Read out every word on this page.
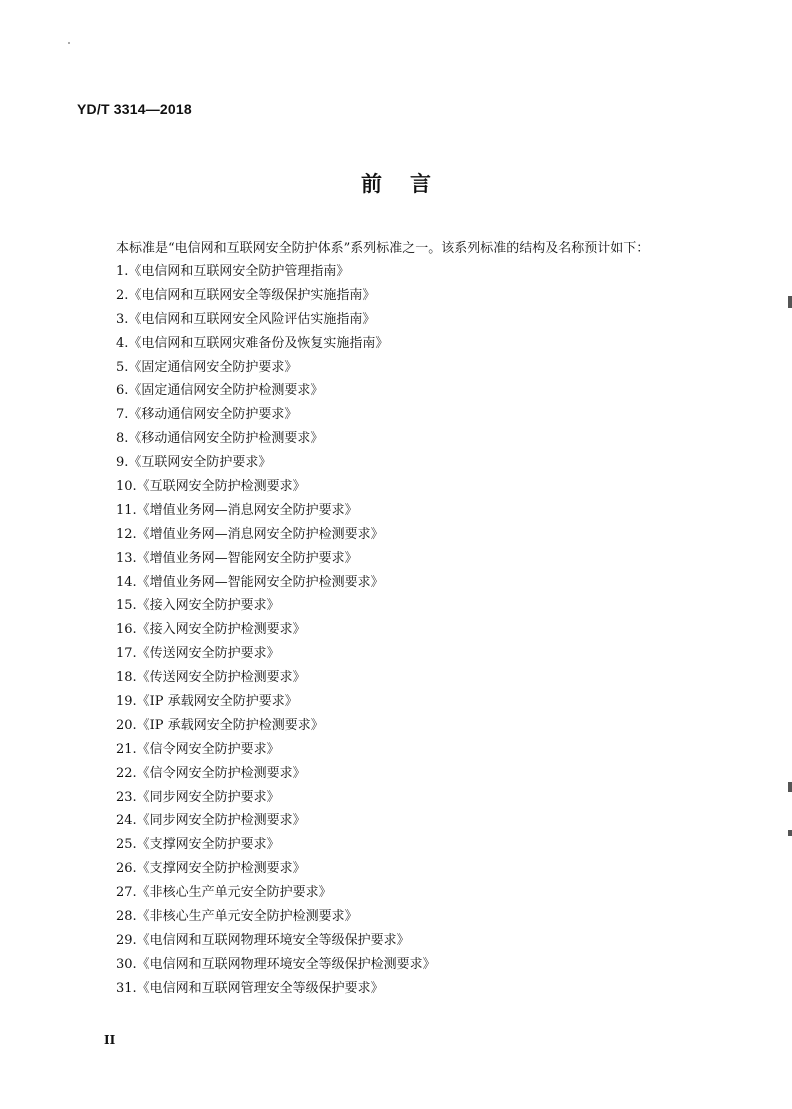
YD/T 3314—2018
前言
本标准是“电信网和互联网安全防护体系”系列标准之一。该系列标准的结构及名称预计如下：
1.《电信网和互联网安全防护管理指南》
2.《电信网和互联网安全等级保护实施指南》
3.《电信网和互联网安全风险评估实施指南》
4.《电信网和互联网灾难备份及恢复实施指南》
5.《固定通信网安全防护要求》
6.《固定通信网安全防护检测要求》
7.《移动通信网安全防护要求》
8.《移动通信网安全防护检测要求》
9.《互联网安全防护要求》
10.《互联网安全防护检测要求》
11.《增值业务网—消息网安全防护要求》
12.《增值业务网—消息网安全防护检测要求》
13.《增值业务网—智能网安全防护要求》
14.《增值业务网—智能网安全防护检测要求》
15.《接入网安全防护要求》
16.《接入网安全防护检测要求》
17.《传送网安全防护要求》
18.《传送网安全防护检测要求》
19.《IP 承载网安全防护要求》
20.《IP 承载网安全防护检测要求》
21.《信令网安全防护要求》
22.《信令网安全防护检测要求》
23.《同步网安全防护要求》
24.《同步网安全防护检测要求》
25.《支撑网安全防护要求》
26.《支撑网安全防护检测要求》
27.《非核心生产单元安全防护要求》
28.《非核心生产单元安全防护检测要求》
29.《电信网和互联网物理环境安全等级保护要求》
30.《电信网和互联网物理环境安全等级保护检测要求》
31.《电信网和互联网管理安全等级保护要求》
II
